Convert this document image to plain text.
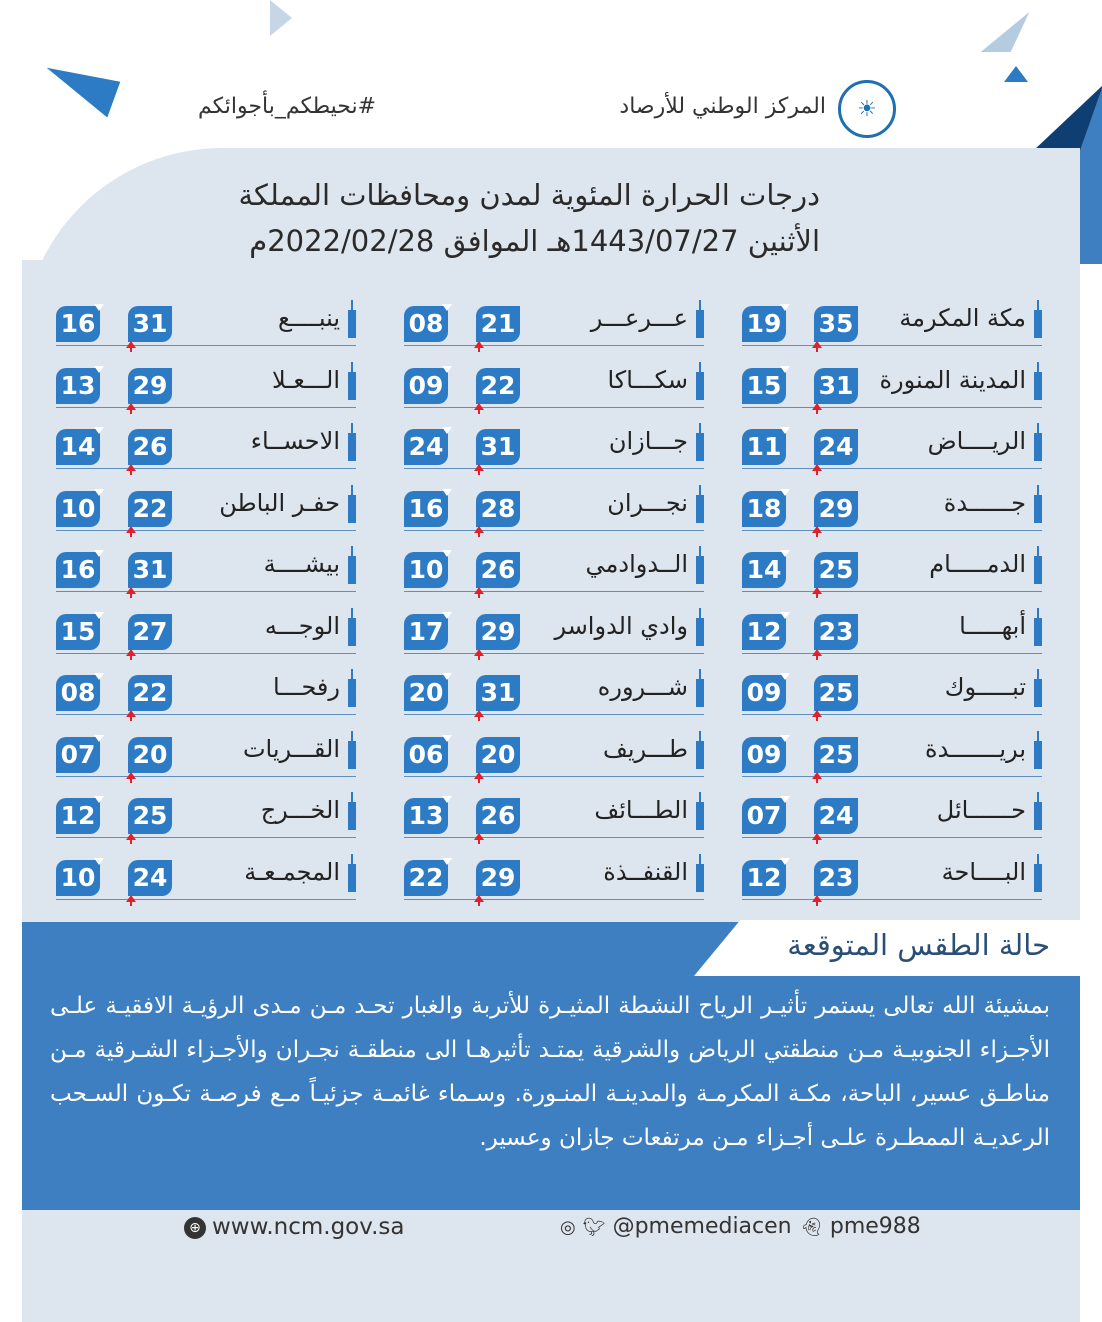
☀
المركز الوطني للأرصاد
#نحيطكم_بأجوائكم
درجات الحرارة المئوية لمدن ومحافظات المملكة
الأثنين 1443/07/27هـ الموافق 2022/02/28م
مكة المكرمة
35
19
المدينة المنورة
31
15
الريــــاض
24
11
جــــــدة
29
18
الدمـــــام
25
14
أبهـــــا
23
12
تبـــــوك
25
09
بريـــــــدة
25
09
حــــــائل
24
07
البــــاحة
23
12
عـــرعـــر
21
08
سكـــاكا
22
09
جـــازان
31
24
نجـــران
28
16
الــدوادمي
26
10
وادي الدواسر
29
17
شـــروره
31
20
طـــريف
20
06
الطـــائف
26
13
القنفــذة
29
22
ينبــــع
31
16
الـــعـلا
29
13
الاحســاء
26
14
حفـر الباطن
22
10
بيشــــة
31
16
الوجـــه
27
15
رفحـــا
22
08
القـــريات
20
07
الخـــرج
25
12
المجمـعـة
24
10
حالة الطقس المتوقعة
بمشيئة الله تعالى يستمر تأثيـر الرياح النشطة المثيـرة للأتربة والغبار تحـد مـن مـدى الرؤيـة الافقيـة علـى الأجـزاء الجنوبيـة مـن منطقتي الرياض والشرقية يمتـد تأثيرهـا الى منطقـة نجـران والأجـزاء الشـرقية مـن مناطـق عسير، الباحة، مكـة المكرمـة والمدينـة المنـورة. وسـماء غائمـة جزئيـاً مـع فرصـة تكـون السـحب الرعديـة الممطـرة علـى أجـزاء مـن مرتفعات جازان وعسير.
⊕ www.ncm.gov.sa	◎ 🐦︎ @pmemediacen 👻︎ pme988
